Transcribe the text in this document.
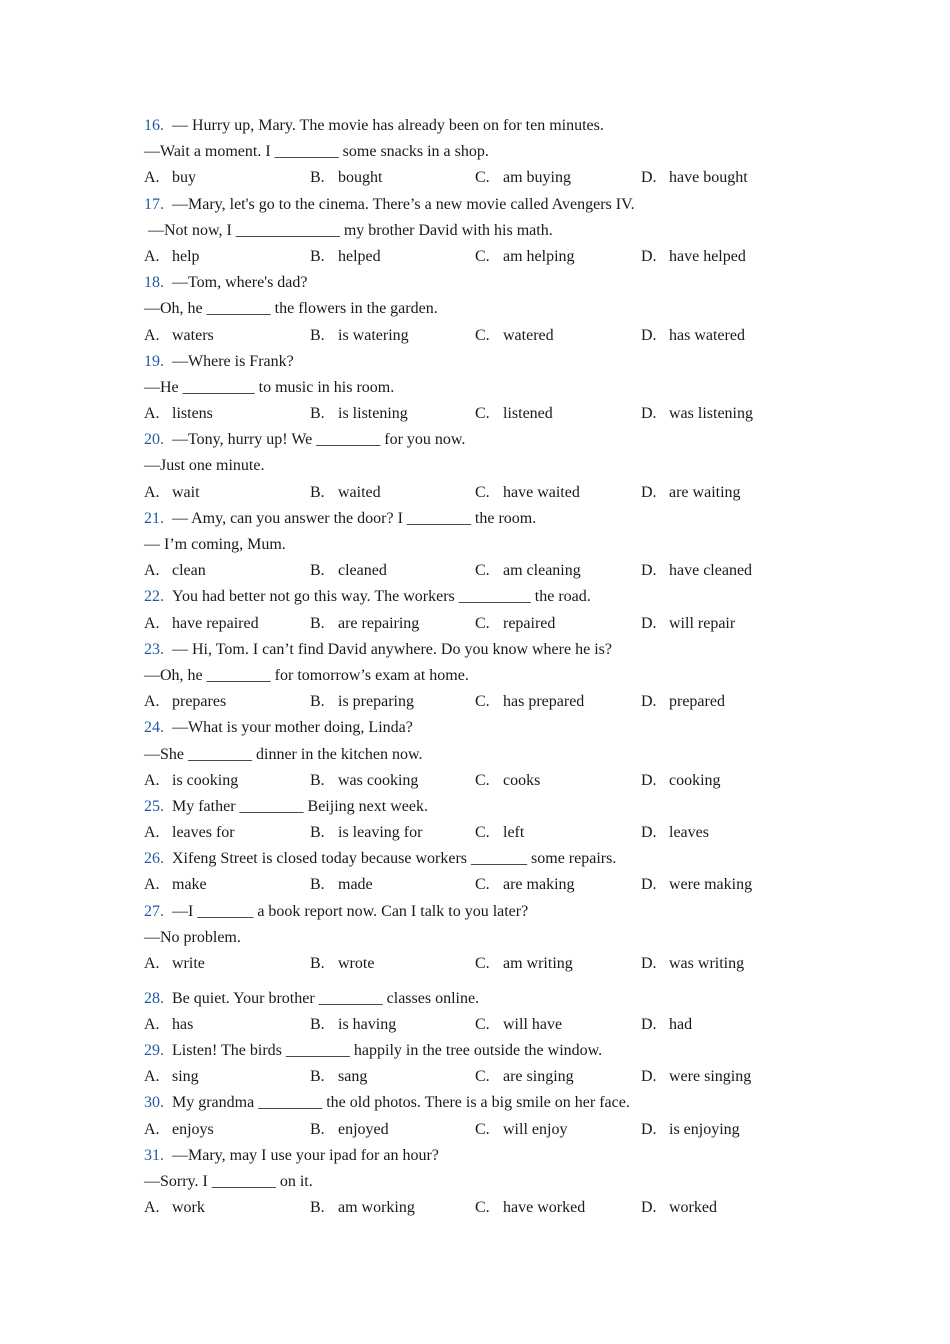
16. — Hurry up, Mary. The movie has already been on for ten minutes.
—Wait a moment. I ________ some snacks in a shop.
A. buy	B. bought	C. am buying	D. have bought
17. —Mary, let's go to the cinema. There’s a new movie called Avengers IV.
—Not now, I _____________ my brother David with his math.
A. help	B. helped	C. am helping	D. have helped
18. —Tom, where's dad?
—Oh, he ________ the flowers in the garden.
A. waters	B. is watering	C. watered	D. has watered
19. —Where is Frank?
—He _________ to music in his room.
A. listens	B. is listening	C. listened	D. was listening
20. —Tony, hurry up! We ________ for you now.
—Just one minute.
A. wait	B. waited	C. have waited	D. are waiting
21. — Amy, can you answer the door? I ________ the room.
— I’m coming, Mum.
A. clean	B. cleaned	C. am cleaning	D. have cleaned
22. You had better not go this way. The workers _________ the road.
A. have repaired	B. are repairing	C. repaired	D. will repair
23. — Hi, Tom. I can’t find David anywhere. Do you know where he is?
—Oh, he ________ for tomorrow’s exam at home.
A. prepares	B. is preparing	C. has prepared	D. prepared
24. —What is your mother doing, Linda?
—She ________ dinner in the kitchen now.
A. is cooking	B. was cooking	C. cooks	D. cooking
25. My father ________ Beijing next week.
A. leaves for	B. is leaving for	C. left	D. leaves
26. Xifeng Street is closed today because workers _______ some repairs.
A. make	B. made	C. are making	D. were making
27. —I _______ a book report now. Can I talk to you later?
—No problem.
A. write	B. wrote	C. am writing	D. was writing
28. Be quiet. Your brother ________ classes online.
A. has	B. is having	C. will have	D. had
29. Listen! The birds ________ happily in the tree outside the window.
A. sing	B. sang	C. are singing	D. were singing
30. My grandma ________ the old photos. There is a big smile on her face.
A. enjoys	B. enjoyed	C. will enjoy	D. is enjoying
31. —Mary, may I use your ipad for an hour?
—Sorry. I ________ on it.
A. work	B. am working	C. have worked	D. worked
